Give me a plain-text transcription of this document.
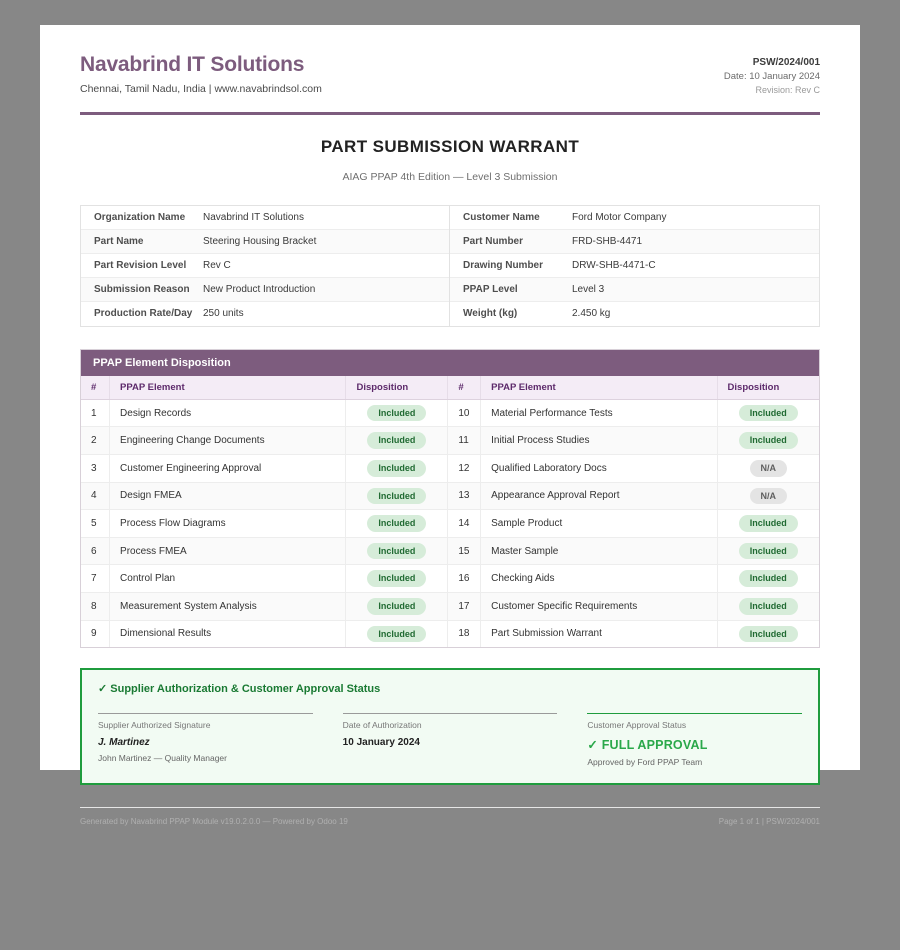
Navabrind IT Solutions
Chennai, Tamil Nadu, India | www.navabrindsol.com
PSW/2024/001
Date: 10 January 2024
Revision: Rev C
PART SUBMISSION WARRANT
AIAG PPAP 4th Edition — Level 3 Submission
Organization Name	Navabrind IT Solutions
Part Name	Steering Housing Bracket
Part Revision Level	Rev C
Submission Reason	New Product Introduction
Production Rate/Day	250 units
Customer Name	Ford Motor Company
Part Number	FRD-SHB-4471
Drawing Number	DRW-SHB-4471-C
PPAP Level	Level 3
Weight (kg)	2.450 kg
PPAP Element Disposition
#	PPAP Element	Disposition	#	PPAP Element	Disposition
1	Design Records	Included	10	Material Performance Tests	Included
2	Engineering Change Documents	Included	11	Initial Process Studies	Included
3	Customer Engineering Approval	Included	12	Qualified Laboratory Docs	N/A
4	Design FMEA	Included	13	Appearance Approval Report	N/A
5	Process Flow Diagrams	Included	14	Sample Product	Included
6	Process FMEA	Included	15	Master Sample	Included
7	Control Plan	Included	16	Checking Aids	Included
8	Measurement System Analysis	Included	17	Customer Specific Requirements	Included
9	Dimensional Results	Included	18	Part Submission Warrant	Included
✓ Supplier Authorization & Customer Approval Status
Supplier Authorized Signature
J. Martinez
John Martinez — Quality Manager
Date of Authorization
10 January 2024
Customer Approval Status
✓ FULL APPROVAL
Approved by Ford PPAP Team
Generated by Navabrind PPAP Module v19.0.2.0.0 — Powered by Odoo 19	Page 1 of 1 | PSW/2024/001
